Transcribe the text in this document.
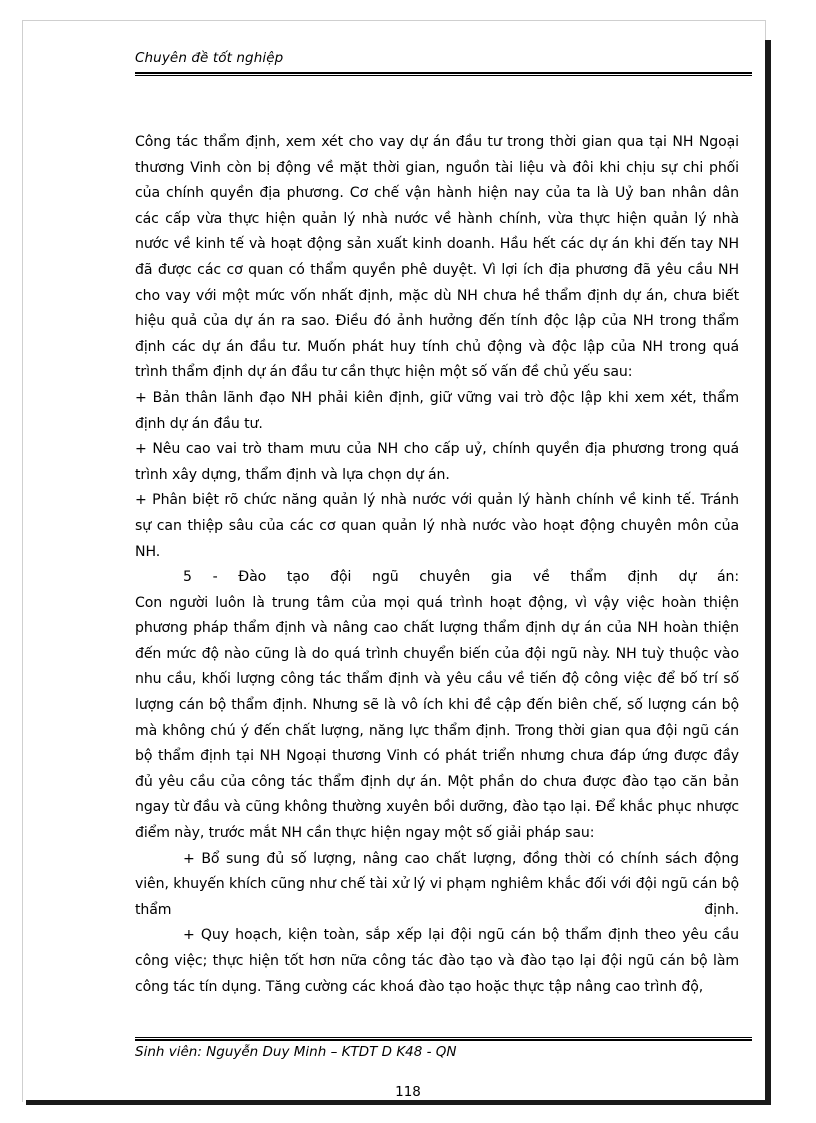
Chuyên đề tốt nghiệp

Công tác thẩm định, xem xét cho vay dự án đầu tư trong thời gian qua tại NH Ngoại thương Vinh còn bị động về mặt thời gian, nguồn tài liệu và đôi khi chịu sự chi phối của chính quyền địa phương. Cơ chế vận hành hiện nay của ta là Uỷ ban nhân dân các cấp vừa thực hiện quản lý nhà nước về hành chính, vừa thực hiện quản lý nhà nước về kinh tế và hoạt động sản xuất kinh doanh. Hầu hết các dự án khi đến tay NH đã được các cơ quan có thẩm quyền phê duyệt. Vì lợi ích địa phương đã yêu cầu NH cho vay với một mức vốn nhất định, mặc dù NH chưa hề thẩm định dự án, chưa biết hiệu quả của dự án ra sao. Điều đó ảnh hưởng đến tính độc lập của NH trong thẩm định các dự án đầu tư. Muốn phát huy tính chủ động và độc lập của NH trong quá trình thẩm định dự án đầu tư cần thực hiện một số vấn đề chủ yếu sau:

+ Bản thân lãnh đạo NH phải kiên định, giữ vững vai trò độc lập khi xem xét, thẩm định dự án đầu tư.

+ Nêu cao vai trò tham mưu của NH cho cấp uỷ, chính quyền địa phương trong quá trình xây dựng, thẩm định và lựa chọn dự án.

+ Phân biệt rõ chức năng quản lý nhà nước với quản lý hành chính về kinh tế. Tránh sự can thiệp sâu của các cơ quan quản lý nhà nước vào hoạt động chuyên môn của NH.

5 - Đào tạo đội ngũ chuyên gia về thẩm định dự án:

Con người luôn là trung tâm của mọi quá trình hoạt động, vì vậy việc hoàn thiện phương pháp thẩm định và nâng cao chất lượng thẩm định dự án của NH hoàn thiện đến mức độ nào cũng là do quá trình chuyển biến của đội ngũ này. NH tuỳ thuộc vào nhu cầu, khối lượng công tác thẩm định và yêu cầu về tiến độ công việc để bố trí số lượng cán bộ thẩm định. Nhưng sẽ là vô ích khi đề cập đến biên chế, số lượng cán bộ mà không chú ý đến chất lượng, năng lực thẩm định. Trong thời gian qua đội ngũ cán bộ thẩm định tại NH Ngoại thương Vinh có phát triển nhưng chưa đáp ứng được đầy đủ yêu cầu của công tác thẩm định dự án. Một phần do chưa được đào tạo căn bản ngay từ đầu và cũng không thường xuyên bồi dưỡng, đào tạo lại. Để khắc phục nhược điểm này, trước mắt NH cần thực hiện ngay một số giải pháp sau:

+ Bổ sung đủ số lượng, nâng cao chất lượng, đồng thời có chính sách động viên, khuyến khích cũng như chế tài xử lý vi phạm nghiêm khắc đối với đội ngũ cán bộ thẩm định.

+ Quy hoạch, kiện toàn, sắp xếp lại đội ngũ cán bộ thẩm định theo yêu cầu công việc; thực hiện tốt hơn nữa công tác đào tạo và đào tạo lại đội ngũ cán bộ làm công tác tín dụng. Tăng cường các khoá đào tạo hoặc thực tập nâng cao trình độ,

Sinh viên: Nguyễn Duy Minh – KTDT D K48 - QN
118
